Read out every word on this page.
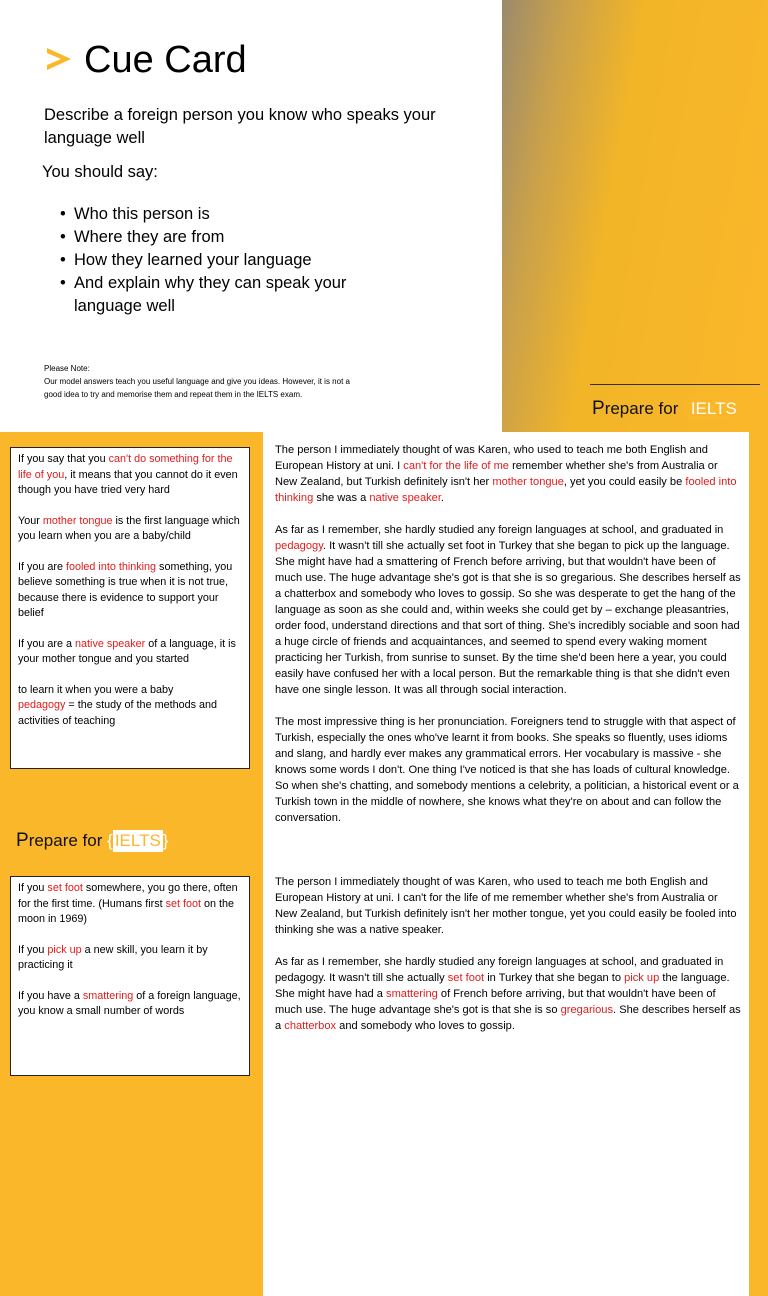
Cue Card
Describe a foreign person you know who speaks your language well
You should say:
• Who this person is
• Where they are from
• How they learned your language
• And explain why they can speak your language well
Please Note:
Our model answers teach you useful language and give you ideas. However, it is not a good idea to try and memorise them and repeat them in the IELTS exam.
Prepare for { IELTS }

If you say that you can't do something for the life of you, it means that you cannot do it even though you have tried very hard

Your mother tongue is the first language which you learn when you are a baby/child

If you are fooled into thinking something, you believe something is true when it is not true, because there is evidence to support your belief

If you are a native speaker of a language, it is your mother tongue and you started

to learn it when you were a baby
pedagogy = the study of the methods and activities of teaching

The person I immediately thought of was Karen, who used to teach me both English and European History at uni. I can't for the life of me remember whether she's from Australia or New Zealand, but Turkish definitely isn't her mother tongue, yet you could easily be fooled into thinking she was a native speaker.

As far as I remember, she hardly studied any foreign languages at school, and graduated in pedagogy. It wasn't till she actually set foot in Turkey that she began to pick up the language. She might have had a smattering of French before arriving, but that wouldn't have been of much use. The huge advantage she's got is that she is so gregarious. She describes herself as a chatterbox and somebody who loves to gossip. So she was desperate to get the hang of the language as soon as she could and, within weeks she could get by – exchange pleasantries, order food, understand directions and that sort of thing. She's incredibly sociable and soon had a huge circle of friends and acquaintances, and seemed to spend every waking moment practicing her Turkish, from sunrise to sunset. By the time she'd been here a year, you could easily have confused her with a local person. But the remarkable thing is that she didn't even have one single lesson. It was all through social interaction.

The most impressive thing is her pronunciation. Foreigners tend to struggle with that aspect of Turkish, especially the ones who've learnt it from books. She speaks so fluently, uses idioms and slang, and hardly ever makes any grammatical errors. Her vocabulary is massive - she knows some words I don't. One thing I've noticed is that she has loads of cultural knowledge. So when she's chatting, and somebody mentions a celebrity, a politician, a historical event or a Turkish town in the middle of nowhere, she knows what they're on about and can follow the conversation.

Prepare for { IELTS }

If you set foot somewhere, you go there, often for the first time. (Humans first set foot on the moon in 1969)

If you pick up a new skill, you learn it by practicing it

If you have a smattering of a foreign language, you know a small number of words

The person I immediately thought of was Karen, who used to teach me both English and European History at uni. I can't for the life of me remember whether she's from Australia or New Zealand, but Turkish definitely isn't her mother tongue, yet you could easily be fooled into thinking she was a native speaker.

As far as I remember, she hardly studied any foreign languages at school, and graduated in pedagogy. It wasn't till she actually set foot in Turkey that she began to pick up the language. She might have had a smattering of French before arriving, but that wouldn't have been of much use. The huge advantage she's got is that she is so gregarious. She describes herself as a chatterbox and somebody who loves to gossip.
